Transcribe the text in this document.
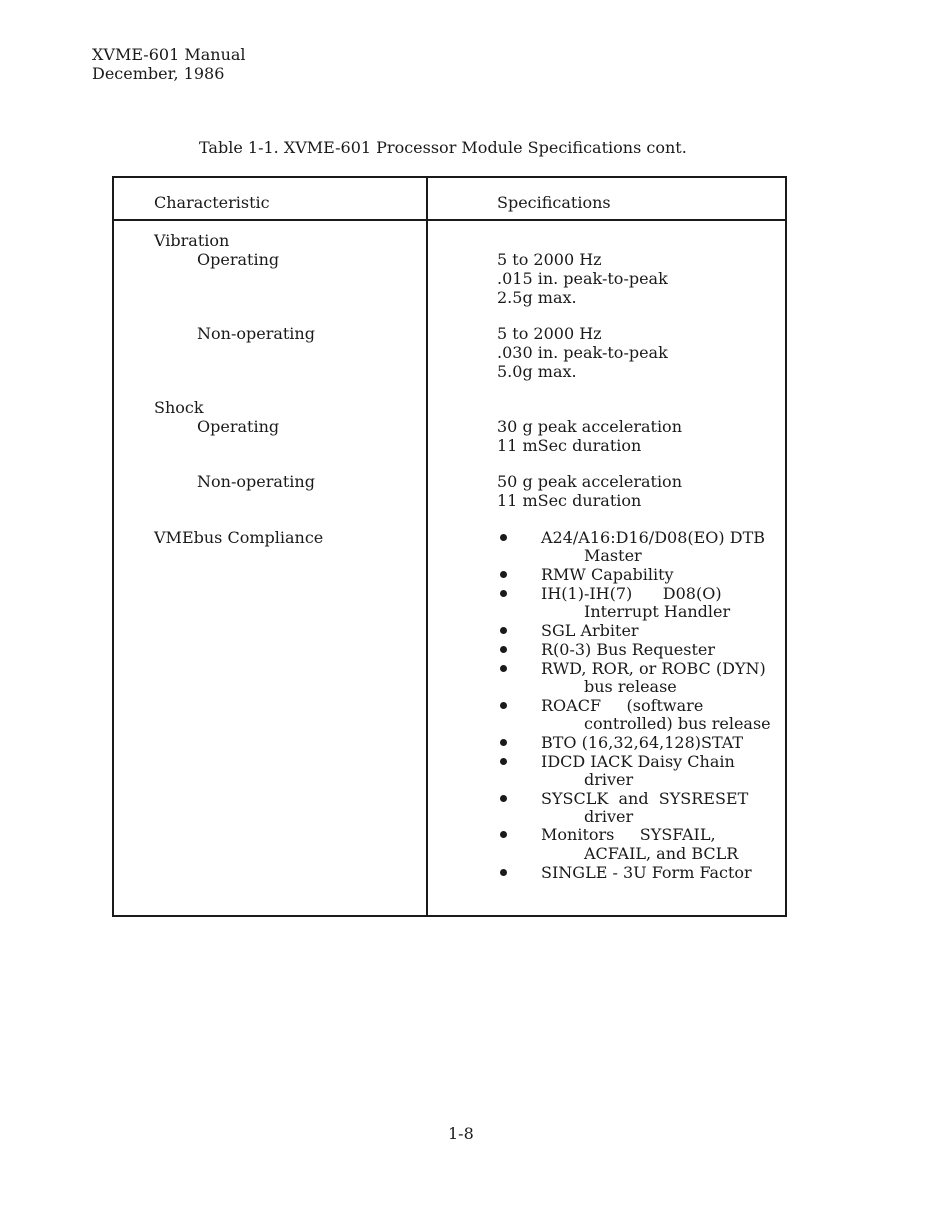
XVME-601 Manual
December, 1986
Table 1-1. XVME-601 Processor Module Specifications cont.
Characteristic	Specifications
Vibration
Operating	5 to 2000 Hz
.015 in. peak-to-peak
2.5g max.
Non-operating	5 to 2000 Hz
.030 in. peak-to-peak
5.0g max.
Shock
Operating	30 g peak acceleration
11 mSec duration
Non-operating	50 g peak acceleration
11 mSec duration
VMEbus Compliance	A24/A16:D16/D08(EO) DTB
Master
RMW Capability
IH(1)-IH(7)      D08(O)
Interrupt Handler
SGL Arbiter
R(0-3) Bus Requester
RWD, ROR, or ROBC (DYN)
bus release
ROACF     (software
controlled) bus release
BTO (16,32,64,128)STAT
IDCD IACK Daisy Chain
driver
SYSCLK  and  SYSRESET
driver
Monitors     SYSFAIL,
ACFAIL, and BCLR
SINGLE - 3U Form Factor
1-8
